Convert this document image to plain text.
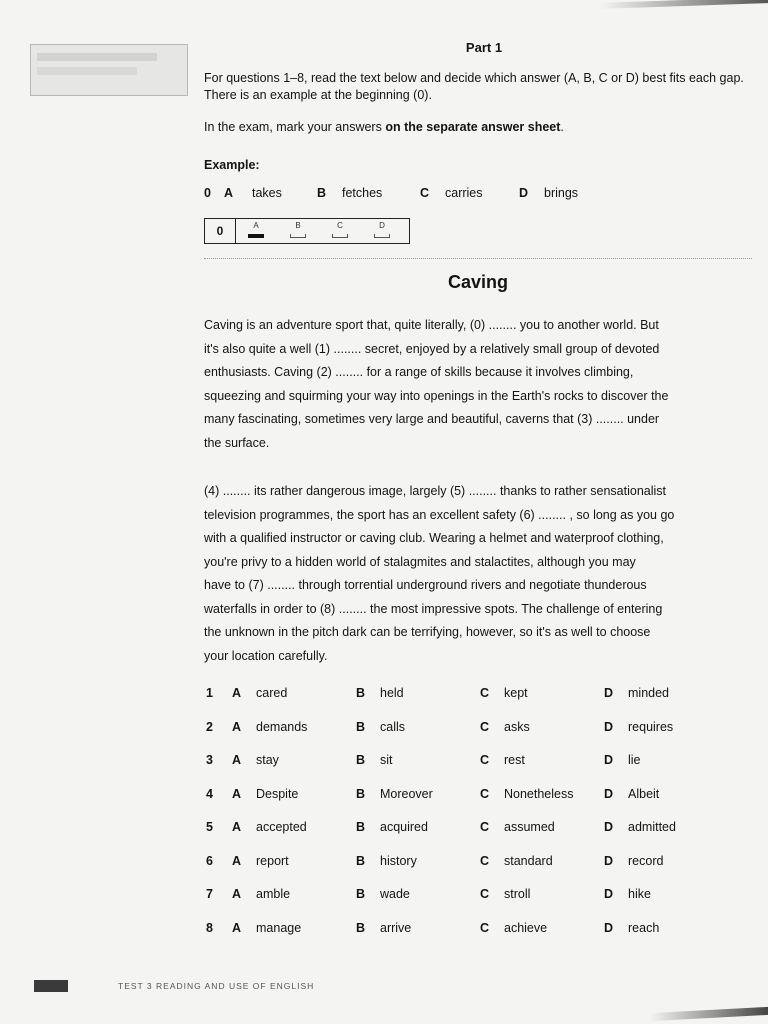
Part 1
For questions 1–8, read the text below and decide which answer (A, B, C or D) best fits each gap. There is an example at the beginning (0).
In the exam, mark your answers on the separate answer sheet.
Example:
0 A takes	B fetches	C carries	D brings
0	A	B	C	D
Caving
Caving is an adventure sport that, quite literally, (0) ........ you to another world. But
it's also quite a well (1) ........ secret, enjoyed by a relatively small group of devoted
enthusiasts. Caving (2) ........ for a range of skills because it involves climbing,
squeezing and squirming your way into openings in the Earth's rocks to discover the
many fascinating, sometimes very large and beautiful, caverns that (3) ........ under
the surface.
(4) ........ its rather dangerous image, largely (5) ........ thanks to rather sensationalist
television programmes, the sport has an excellent safety (6) ........ , so long as you go
with a qualified instructor or caving club. Wearing a helmet and waterproof clothing,
you're privy to a hidden world of stalagmites and stalactites, although you may
have to (7) ........ through torrential underground rivers and negotiate thunderous
waterfalls in order to (8) ........ the most impressive spots. The challenge of entering
the unknown in the pitch dark can be terrifying, however, so it's as well to choose
your location carefully.
1 A cared	B held	C kept	D minded
2 A demands	B calls	C asks	D requires
3 A stay	B sit	C rest	D lie
4 A Despite	B Moreover	C Nonetheless D Albeit
5 A accepted	B acquired	C assumed	D admitted
6 A report	B history	C standard	D record
7 A amble	B wade	C stroll	D hike
8 A manage	B arrive	C achieve	D reach
TEST 3 READING AND USE OF ENGLISH
